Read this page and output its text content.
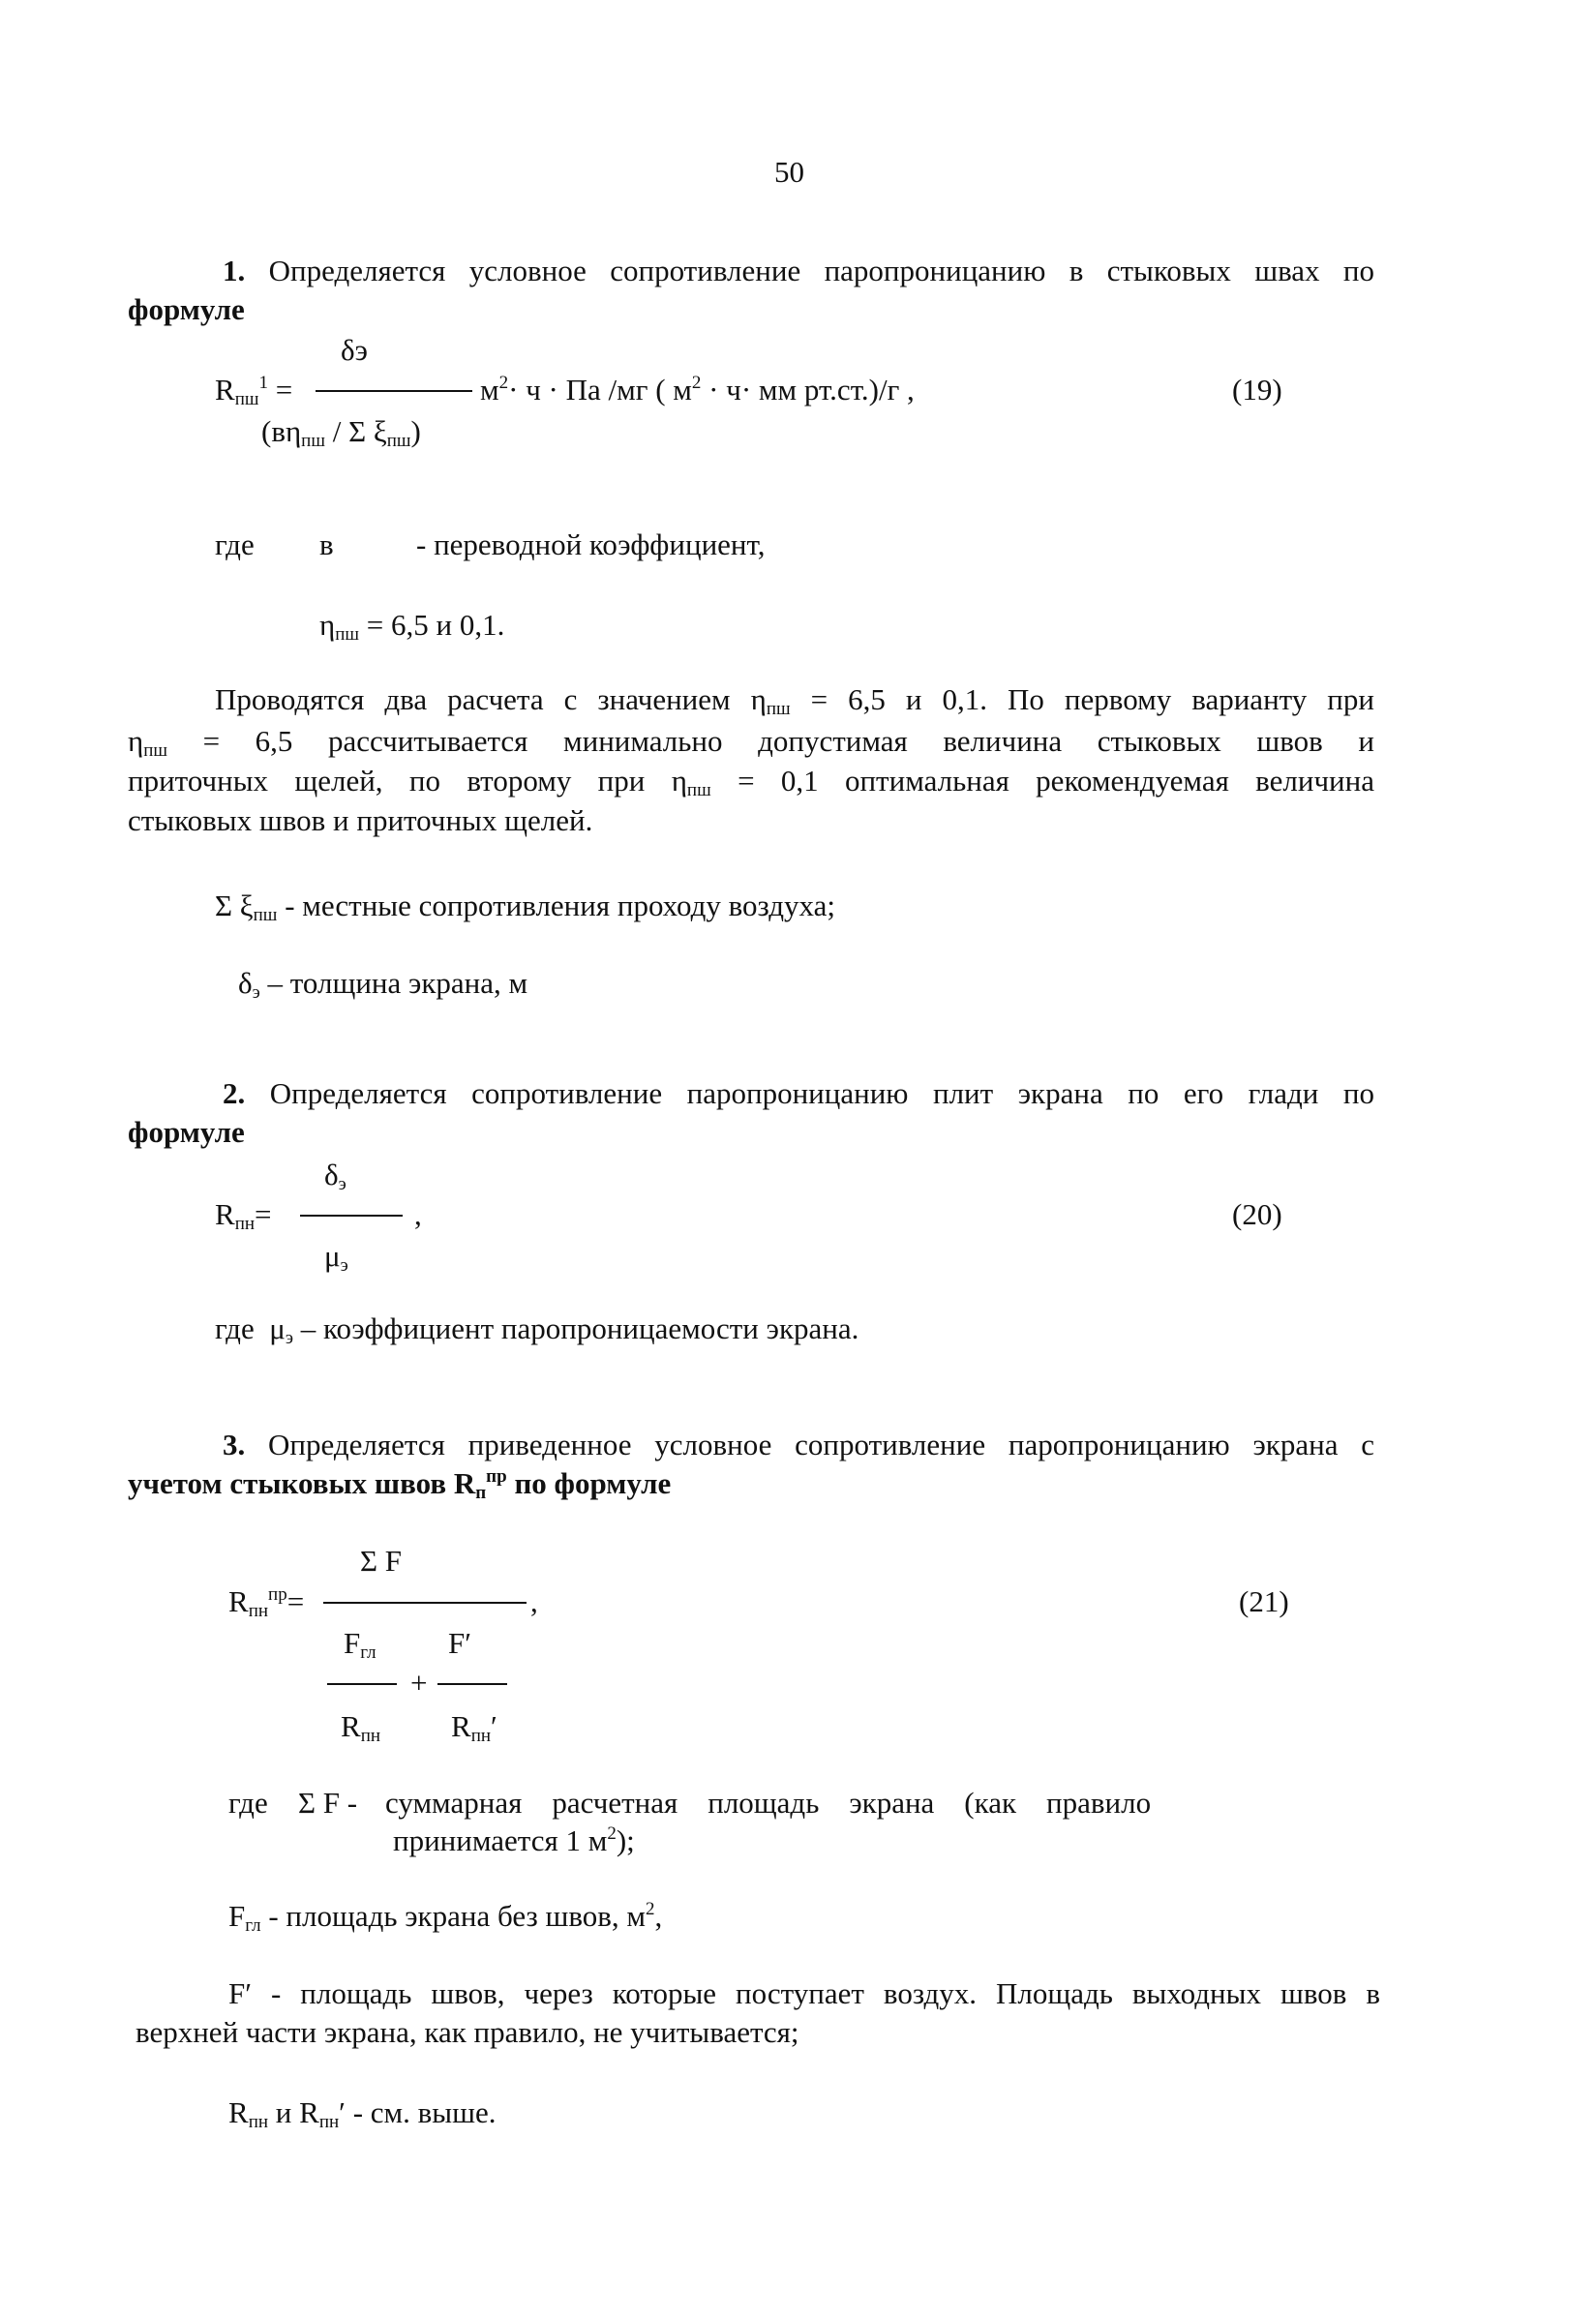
50
1. Определяется условное сопротивление паропроницанию в стыковых швах по
формуле
δэ
$R_{пш}^1$ =	$м^2\cdot ч$ · Па /мг ( $м^2 \cdot ч\cdot$ мм рт.ст.)/г ,
($в\eta_{пш}$ / Σ $\xi_{пш}$)
(19)
где в	- переводной коэффициент,
$\eta_{пш} = 6,5$ и 0,1.
Проводятся два расчета с значением $\eta_{пш} = 6,5$ и 0,1. По первому варианту при
$\eta_{пш} = 6,5$ рассчитывается минимально допустимая величина стыковых швов и
приточных щелей, по второму при $\eta_{пш} = 0,1$ оптимальная рекомендуемая величина
стыковых швов и приточных щелей.
Σ $\xi_{пш}$ - местные сопротивления проходу воздуха;
$\delta_э$ – толщина экрана, м
2. Определяется сопротивление паропроницанию плит экрана по его глади по
формуле
$\delta_э$
$R_{пн}=$	,
$\mu_э$
(20)
где $\mu_э$ – коэффициент паропроницаемости экрана.
3. Определяется приведенное условное сопротивление паропроницанию экрана с
учетом стыковых швов $R_п^{пр}$ по формуле
Σ F
$R_{пн}^{пр}=$	,
$F_{гл}$ F′
+
$R_{пн}$ $R_{пн}'$
(21)
где Σ F - суммарная    расчетная    площадь    экрана    (как    правило
принимается 1 $м^2$);
$F_{гл}$ - площадь экрана без швов, $м^2$,
F′ - площадь швов, через которые поступает воздух. Площадь выходных швов в
верхней части экрана, как правило, не учитывается;
$R_{пн}$ и $R_{пн}'$ - см. выше.
